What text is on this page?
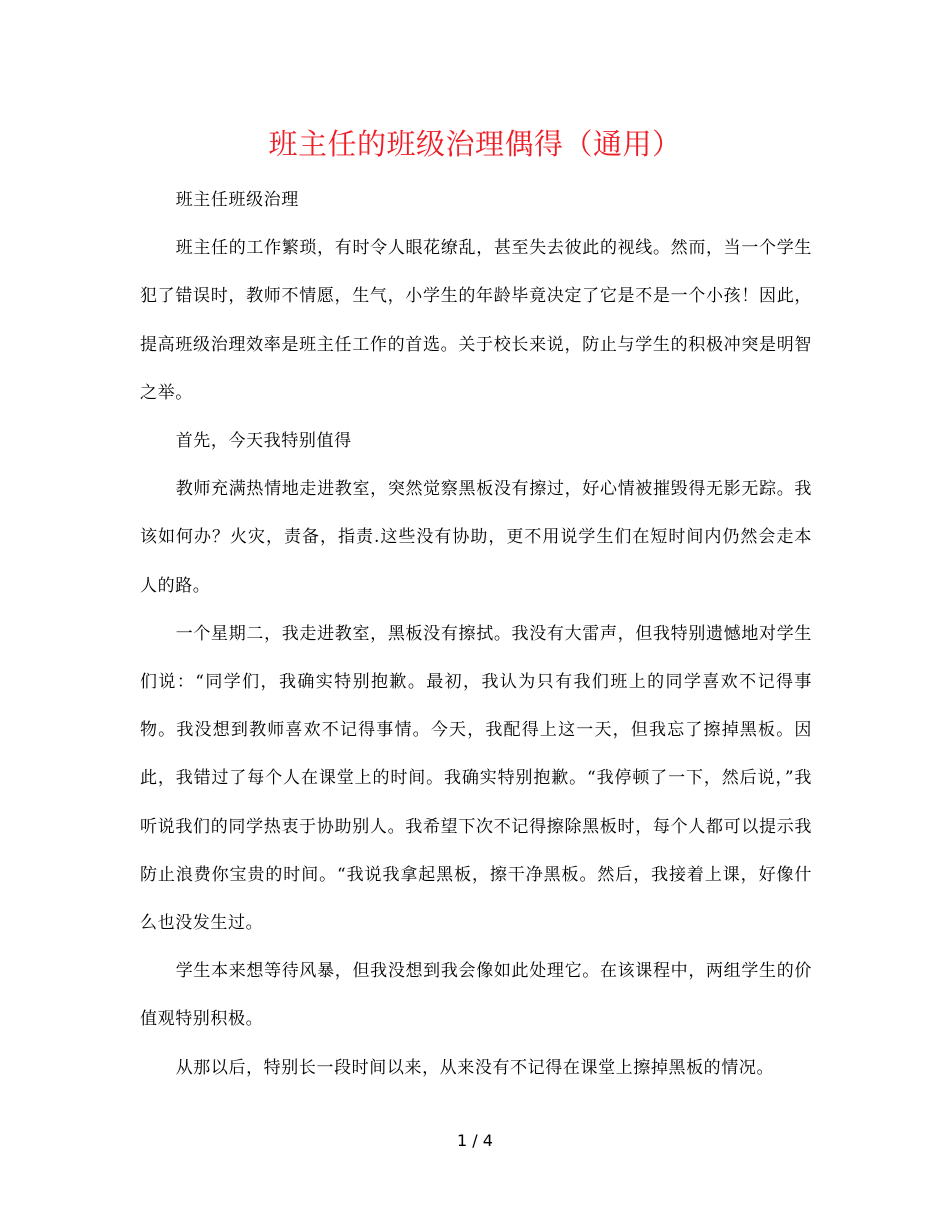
班主任的班级治理偶得（通用）

班主任班级治理

班主任的工作繁琐，有时令人眼花缭乱，甚至失去彼此的视线。然而，当一个学生犯了错误时，教师不情愿，生气，小学生的年龄毕竟决定了它是不是一个小孩！因此，提高班级治理效率是班主任工作的首选。关于校长来说，防止与学生的积极冲突是明智之举。

首先，今天我特别值得

教师充满热情地走进教室，突然觉察黑板没有擦过，好心情被摧毁得无影无踪。我该如何办？火灾，责备，指责.这些没有协助，更不用说学生们在短时间内仍然会走本人的路。

一个星期二，我走进教室，黑板没有擦拭。我没有大雷声，但我特别遗憾地对学生们说：“同学们，我确实特别抱歉。最初，我认为只有我们班上的同学喜欢不记得事物。我没想到教师喜欢不记得事情。今天，我配得上这一天，但我忘了擦掉黑板。因此，我错过了每个人在课堂上的时间。我确实特别抱歉。“我停顿了一下，然后说，”我听说我们的同学热衷于协助别人。我希望下次不记得擦除黑板时，每个人都可以提示我防止浪费你宝贵的时间。“我说我拿起黑板，擦干净黑板。然后，我接着上课，好像什么也没发生过。

学生本来想等待风暴，但我没想到我会像如此处理它。在该课程中，两组学生的价值观特别积极。

从那以后，特别长一段时间以来，从来没有不记得在课堂上擦掉黑板的情况。

1 / 4
